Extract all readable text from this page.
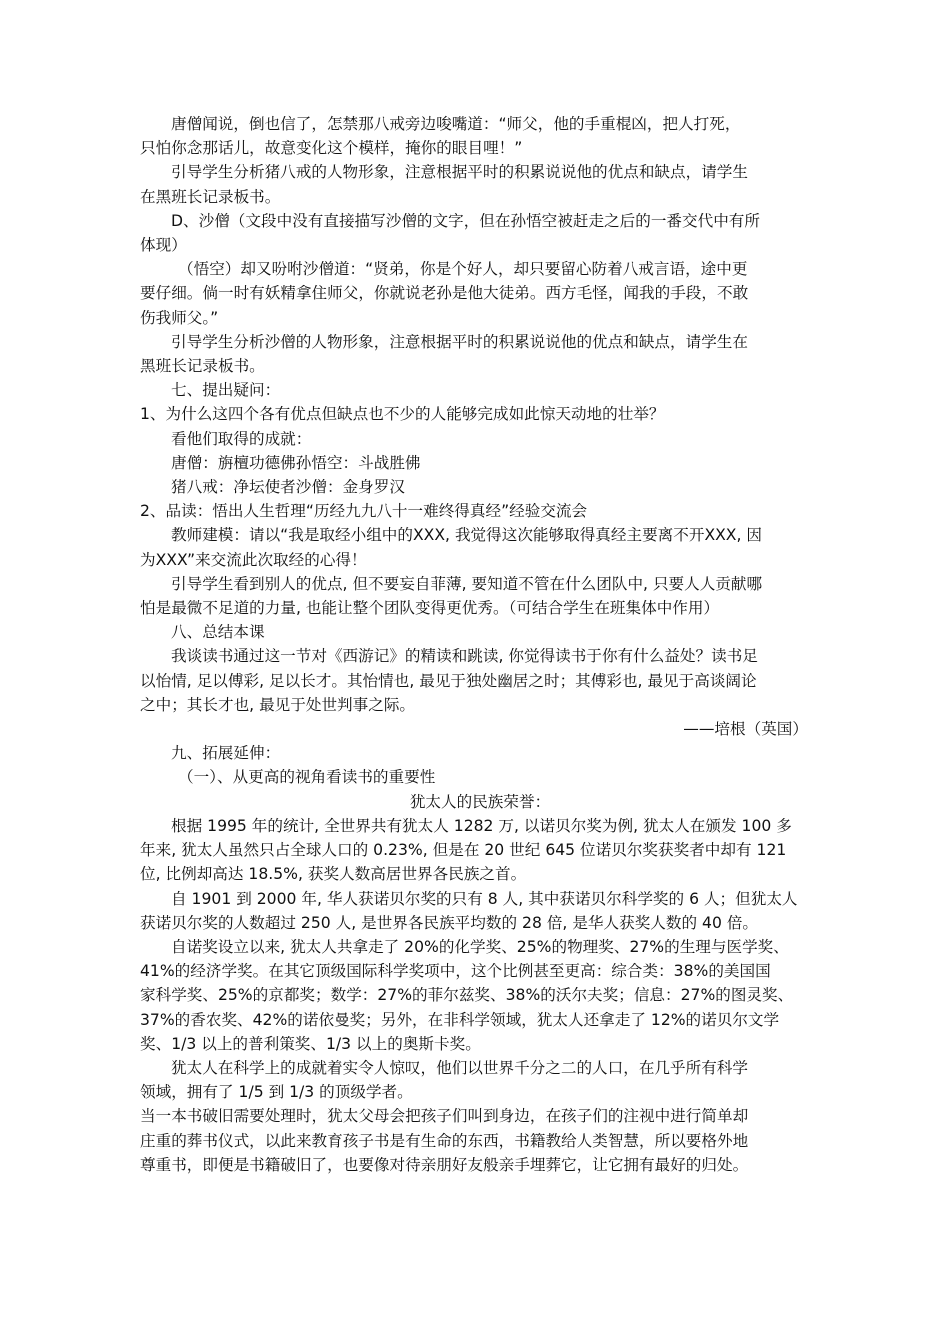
唐僧闻说，倒也信了，怎禁那八戒旁边唆嘴道：“师父，他的手重棍凶，把人打死，

只怕你念那话儿，故意变化这个模样，掩你的眼目哩！”

引导学生分析猪八戒的人物形象，注意根据平时的积累说说他的优点和缺点，请学生

在黑班长记录板书。

D、沙僧（文段中没有直接描写沙僧的文字，但在孙悟空被赶走之后的一番交代中有所

体现）

（悟空）却又吩咐沙僧道：“贤弟，你是个好人，却只要留心防着八戒言语，途中更

要仔细。倘一时有妖精拿住师父，你就说老孙是他大徒弟。西方毛怪，闻我的手段，不敢

伤我师父。”

引导学生分析沙僧的人物形象，注意根据平时的积累说说他的优点和缺点，请学生在

黑班长记录板书。

七、提出疑问：

1、为什么这四个各有优点但缺点也不少的人能够完成如此惊天动地的壮举？

看他们取得的成就：

唐僧：旃檀功德佛孙悟空：斗战胜佛

猪八戒：净坛使者沙僧：金身罗汉

2、品读：悟出人生哲理“历经九九八十一难终得真经”经验交流会

教师建模：请以“我是取经小组中的XXX, 我觉得这次能够取得真经主要离不开XXX, 因

为XXX”来交流此次取经的心得！

引导学生看到别人的优点, 但不要妄自菲薄, 要知道不管在什么团队中, 只要人人贡献哪

怕是最微不足道的力量, 也能让整个团队变得更优秀。（可结合学生在班集体中作用）

八、总结本课

我谈读书通过这一节对《西游记》的精读和跳读, 你觉得读书于你有什么益处？读书足

以怡情, 足以傅彩, 足以长才。其怡情也, 最见于独处幽居之时；其傅彩也, 最见于高谈阔论

之中；其长才也, 最见于处世判事之际。

——培根（英国）

九、拓展延伸：

（一）、从更高的视角看读书的重要性

犹太人的民族荣誉：

根据 1995 年的统计, 全世界共有犹太人 1282 万, 以诺贝尔奖为例, 犹太人在颁发 100 多

年来, 犹太人虽然只占全球人口的 0.23%, 但是在 20 世纪 645 位诺贝尔奖获奖者中却有 121

位, 比例却高达 18.5%, 获奖人数高居世界各民族之首。

自 1901 到 2000 年, 华人获诺贝尔奖的只有 8 人, 其中获诺贝尔科学奖的 6 人；但犹太人

获诺贝尔奖的人数超过 250 人, 是世界各民族平均数的 28 倍, 是华人获奖人数的 40 倍。

自诺奖设立以来, 犹太人共拿走了 20%的化学奖、25%的物理奖、27%的生理与医学奖、

41%的经济学奖。在其它顶级国际科学奖项中，这个比例甚至更高：综合类：38%的美国国

家科学奖、25%的京都奖；数学：27%的菲尔兹奖、38%的沃尔夫奖；信息：27%的图灵奖、

37%的香农奖、42%的诺依曼奖；另外，在非科学领域，犹太人还拿走了 12%的诺贝尔文学

奖、1/3 以上的普利策奖、1/3 以上的奥斯卡奖。

犹太人在科学上的成就着实令人惊叹，他们以世界千分之二的人口，在几乎所有科学

领域，拥有了 1/5 到 1/3 的顶级学者。

当一本书破旧需要处理时，犹太父母会把孩子们叫到身边，在孩子们的注视中进行简单却

庄重的葬书仪式，以此来教育孩子书是有生命的东西，书籍教给人类智慧，所以要格外地

尊重书，即便是书籍破旧了，也要像对待亲朋好友般亲手埋葬它，让它拥有最好的归处。
